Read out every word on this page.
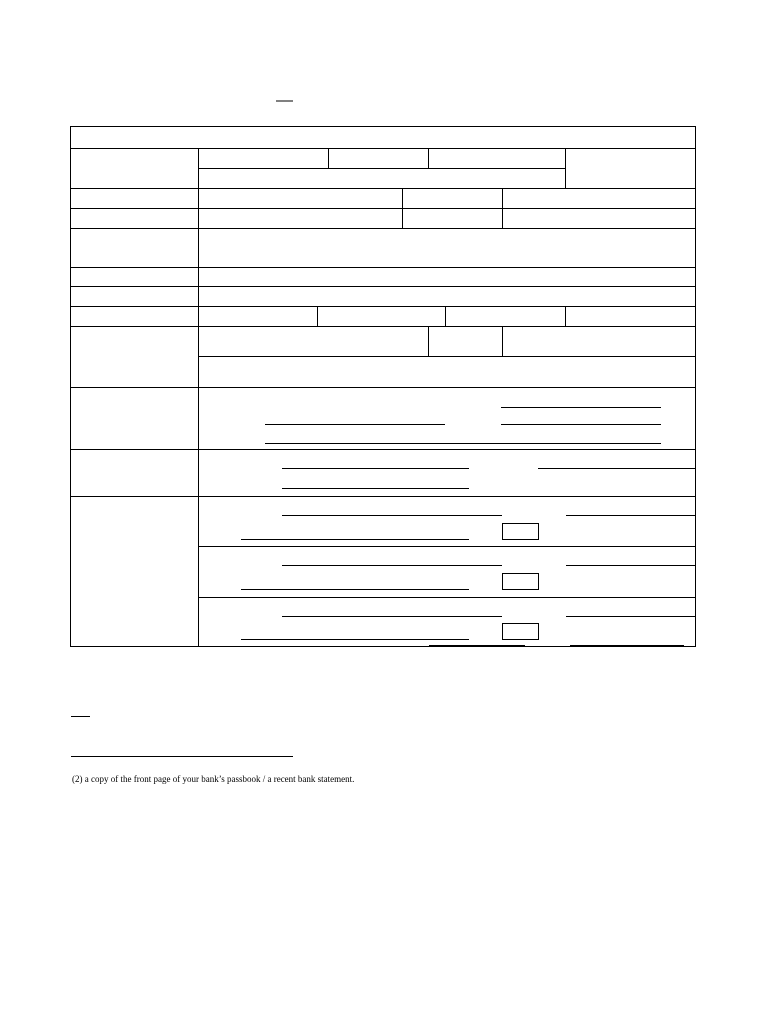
(2) a copy of the front page of your bank’s passbook / a recent bank statement.
